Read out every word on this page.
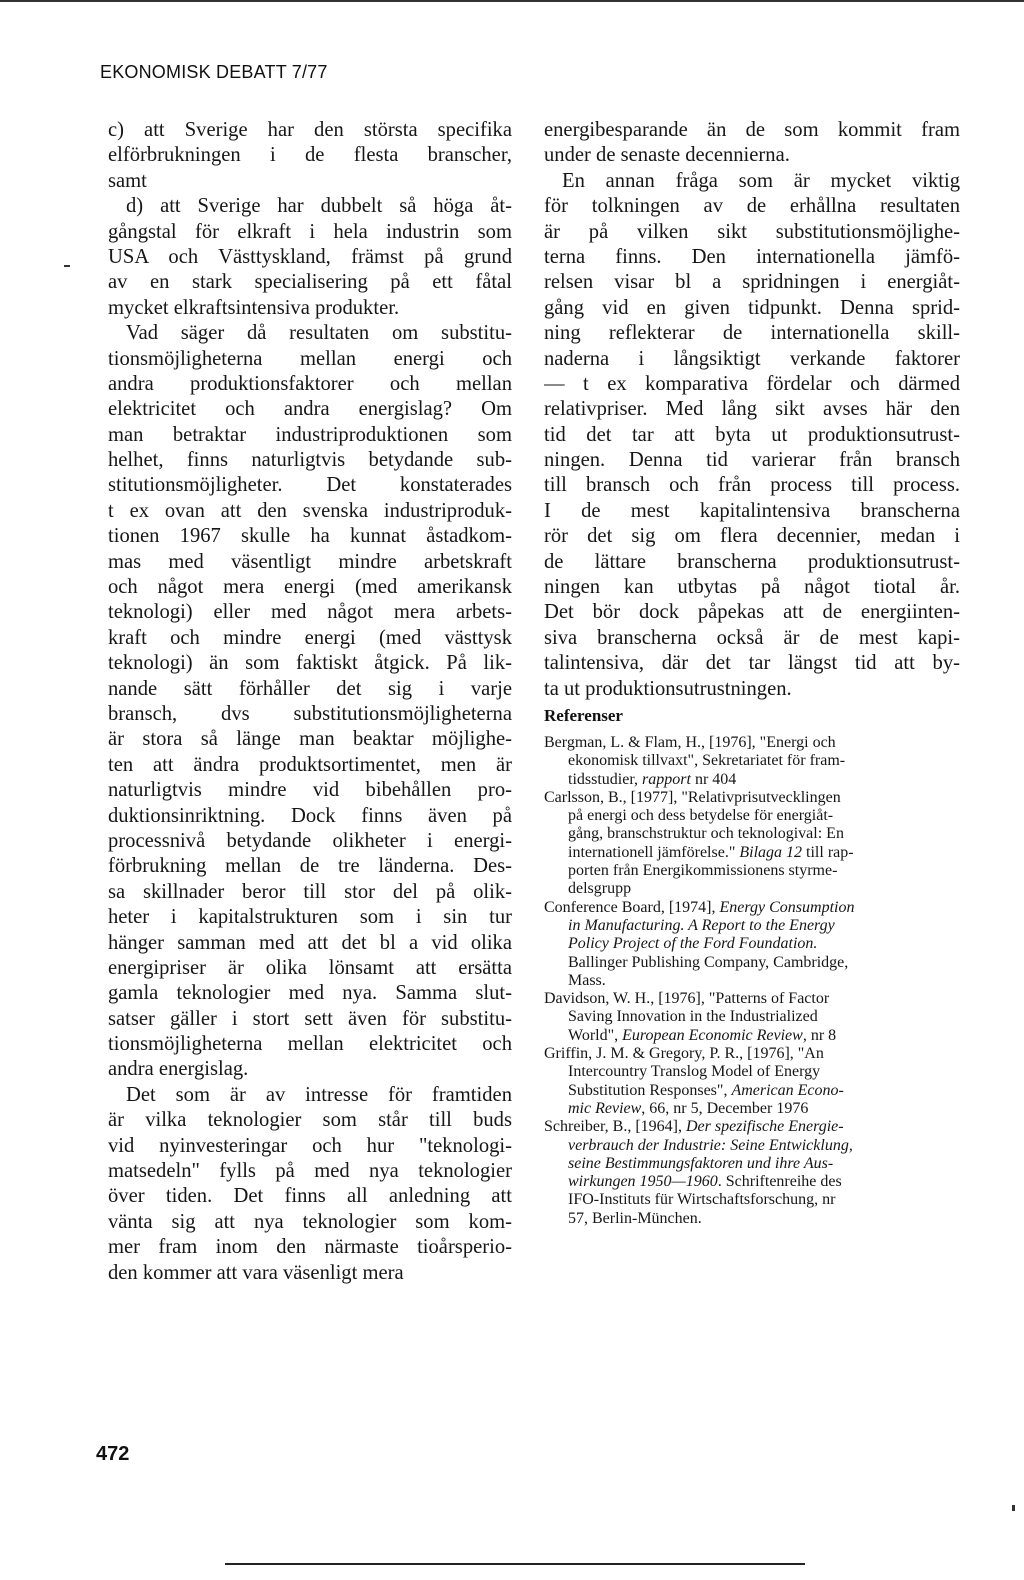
EKONOMISK DEBATT 7/77
c) att Sverige har den största specifika
elförbrukningen i de flesta branscher,
samt
d) att Sverige har dubbelt så höga åt-
gångstal för elkraft i hela industrin som
USA och Västtyskland, främst på grund
av en stark specialisering på ett fåtal
mycket elkraftsintensiva produkter.
Vad säger då resultaten om substitu-
tionsmöjligheterna mellan energi och
andra produktionsfaktorer och mellan
elektricitet och andra energislag? Om
man betraktar industriproduktionen som
helhet, finns naturligtvis betydande sub-
stitutionsmöjligheter. Det konstaterades
t ex ovan att den svenska industriproduk-
tionen 1967 skulle ha kunnat åstadkom-
mas med väsentligt mindre arbetskraft
och något mera energi (med amerikansk
teknologi) eller med något mera arbets-
kraft och mindre energi (med västtysk
teknologi) än som faktiskt åtgick. På lik-
nande sätt förhåller det sig i varje
bransch, dvs substitutionsmöjligheterna
är stora så länge man beaktar möjlighe-
ten att ändra produktsortimentet, men är
naturligtvis mindre vid bibehållen pro-
duktionsinriktning. Dock finns även på
processnivå betydande olikheter i energi-
förbrukning mellan de tre länderna. Des-
sa skillnader beror till stor del på olik-
heter i kapitalstrukturen som i sin tur
hänger samman med att det bl a vid olika
energipriser är olika lönsamt att ersätta
gamla teknologier med nya. Samma slut-
satser gäller i stort sett även för substitu-
tionsmöjligheterna mellan elektricitet och
andra energislag.
Det som är av intresse för framtiden
är vilka teknologier som står till buds
vid nyinvesteringar och hur "teknologi-
matsedeln" fylls på med nya teknologier
över tiden. Det finns all anledning att
vänta sig att nya teknologier som kom-
mer fram inom den närmaste tioårsperio-
den kommer att vara väsenligt mera
energibesparande än de som kommit fram
under de senaste decennierna.
En annan fråga som är mycket viktig
för tolkningen av de erhållna resultaten
är på vilken sikt substitutionsmöjlighe-
terna finns. Den internationella jämfö-
relsen visar bl a spridningen i energiåt-
gång vid en given tidpunkt. Denna sprid-
ning reflekterar de internationella skill-
naderna i långsiktigt verkande faktorer
— t ex komparativa fördelar och därmed
relativpriser. Med lång sikt avses här den
tid det tar att byta ut produktionsutrust-
ningen. Denna tid varierar från bransch
till bransch och från process till process.
I de mest kapitalintensiva branscherna
rör det sig om flera decennier, medan i
de lättare branscherna produktionsutrust-
ningen kan utbytas på något tiotal år.
Det bör dock påpekas att de energiinten-
siva branscherna också är de mest kapi-
talintensiva, där det tar längst tid att by-
ta ut produktionsutrustningen.
Referenser
Bergman, L. & Flam, H., [1976], "Energi och
ekonomisk tillvaxt", Sekretariatet för fram-
tidsstudier, rapport nr 404
Carlsson, B., [1977], "Relativprisutvecklingen
på energi och dess betydelse för energiåt-
gång, branschstruktur och teknologival: En
internationell jämförelse." Bilaga 12 till rap-
porten från Energikommissionens styrme-
delsgrupp
Conference Board, [1974], Energy Consumption
in Manufacturing. A Report to the Energy
Policy Project of the Ford Foundation.
Ballinger Publishing Company, Cambridge,
Mass.
Davidson, W. H., [1976], "Patterns of Factor
Saving Innovation in the Industrialized
World", European Economic Review, nr 8
Griffin, J. M. & Gregory, P. R., [1976], "An
Intercountry Translog Model of Energy
Substitution Responses", American Econo-
mic Review, 66, nr 5, December 1976
Schreiber, B., [1964], Der spezifische Energie-
verbrauch der Industrie: Seine Entwicklung,
seine Bestimmungsfaktoren und ihre Aus-
wirkungen 1950—1960. Schriftenreihe des
IFO-Instituts für Wirtschaftsforschung, nr
57, Berlin-München.
472
